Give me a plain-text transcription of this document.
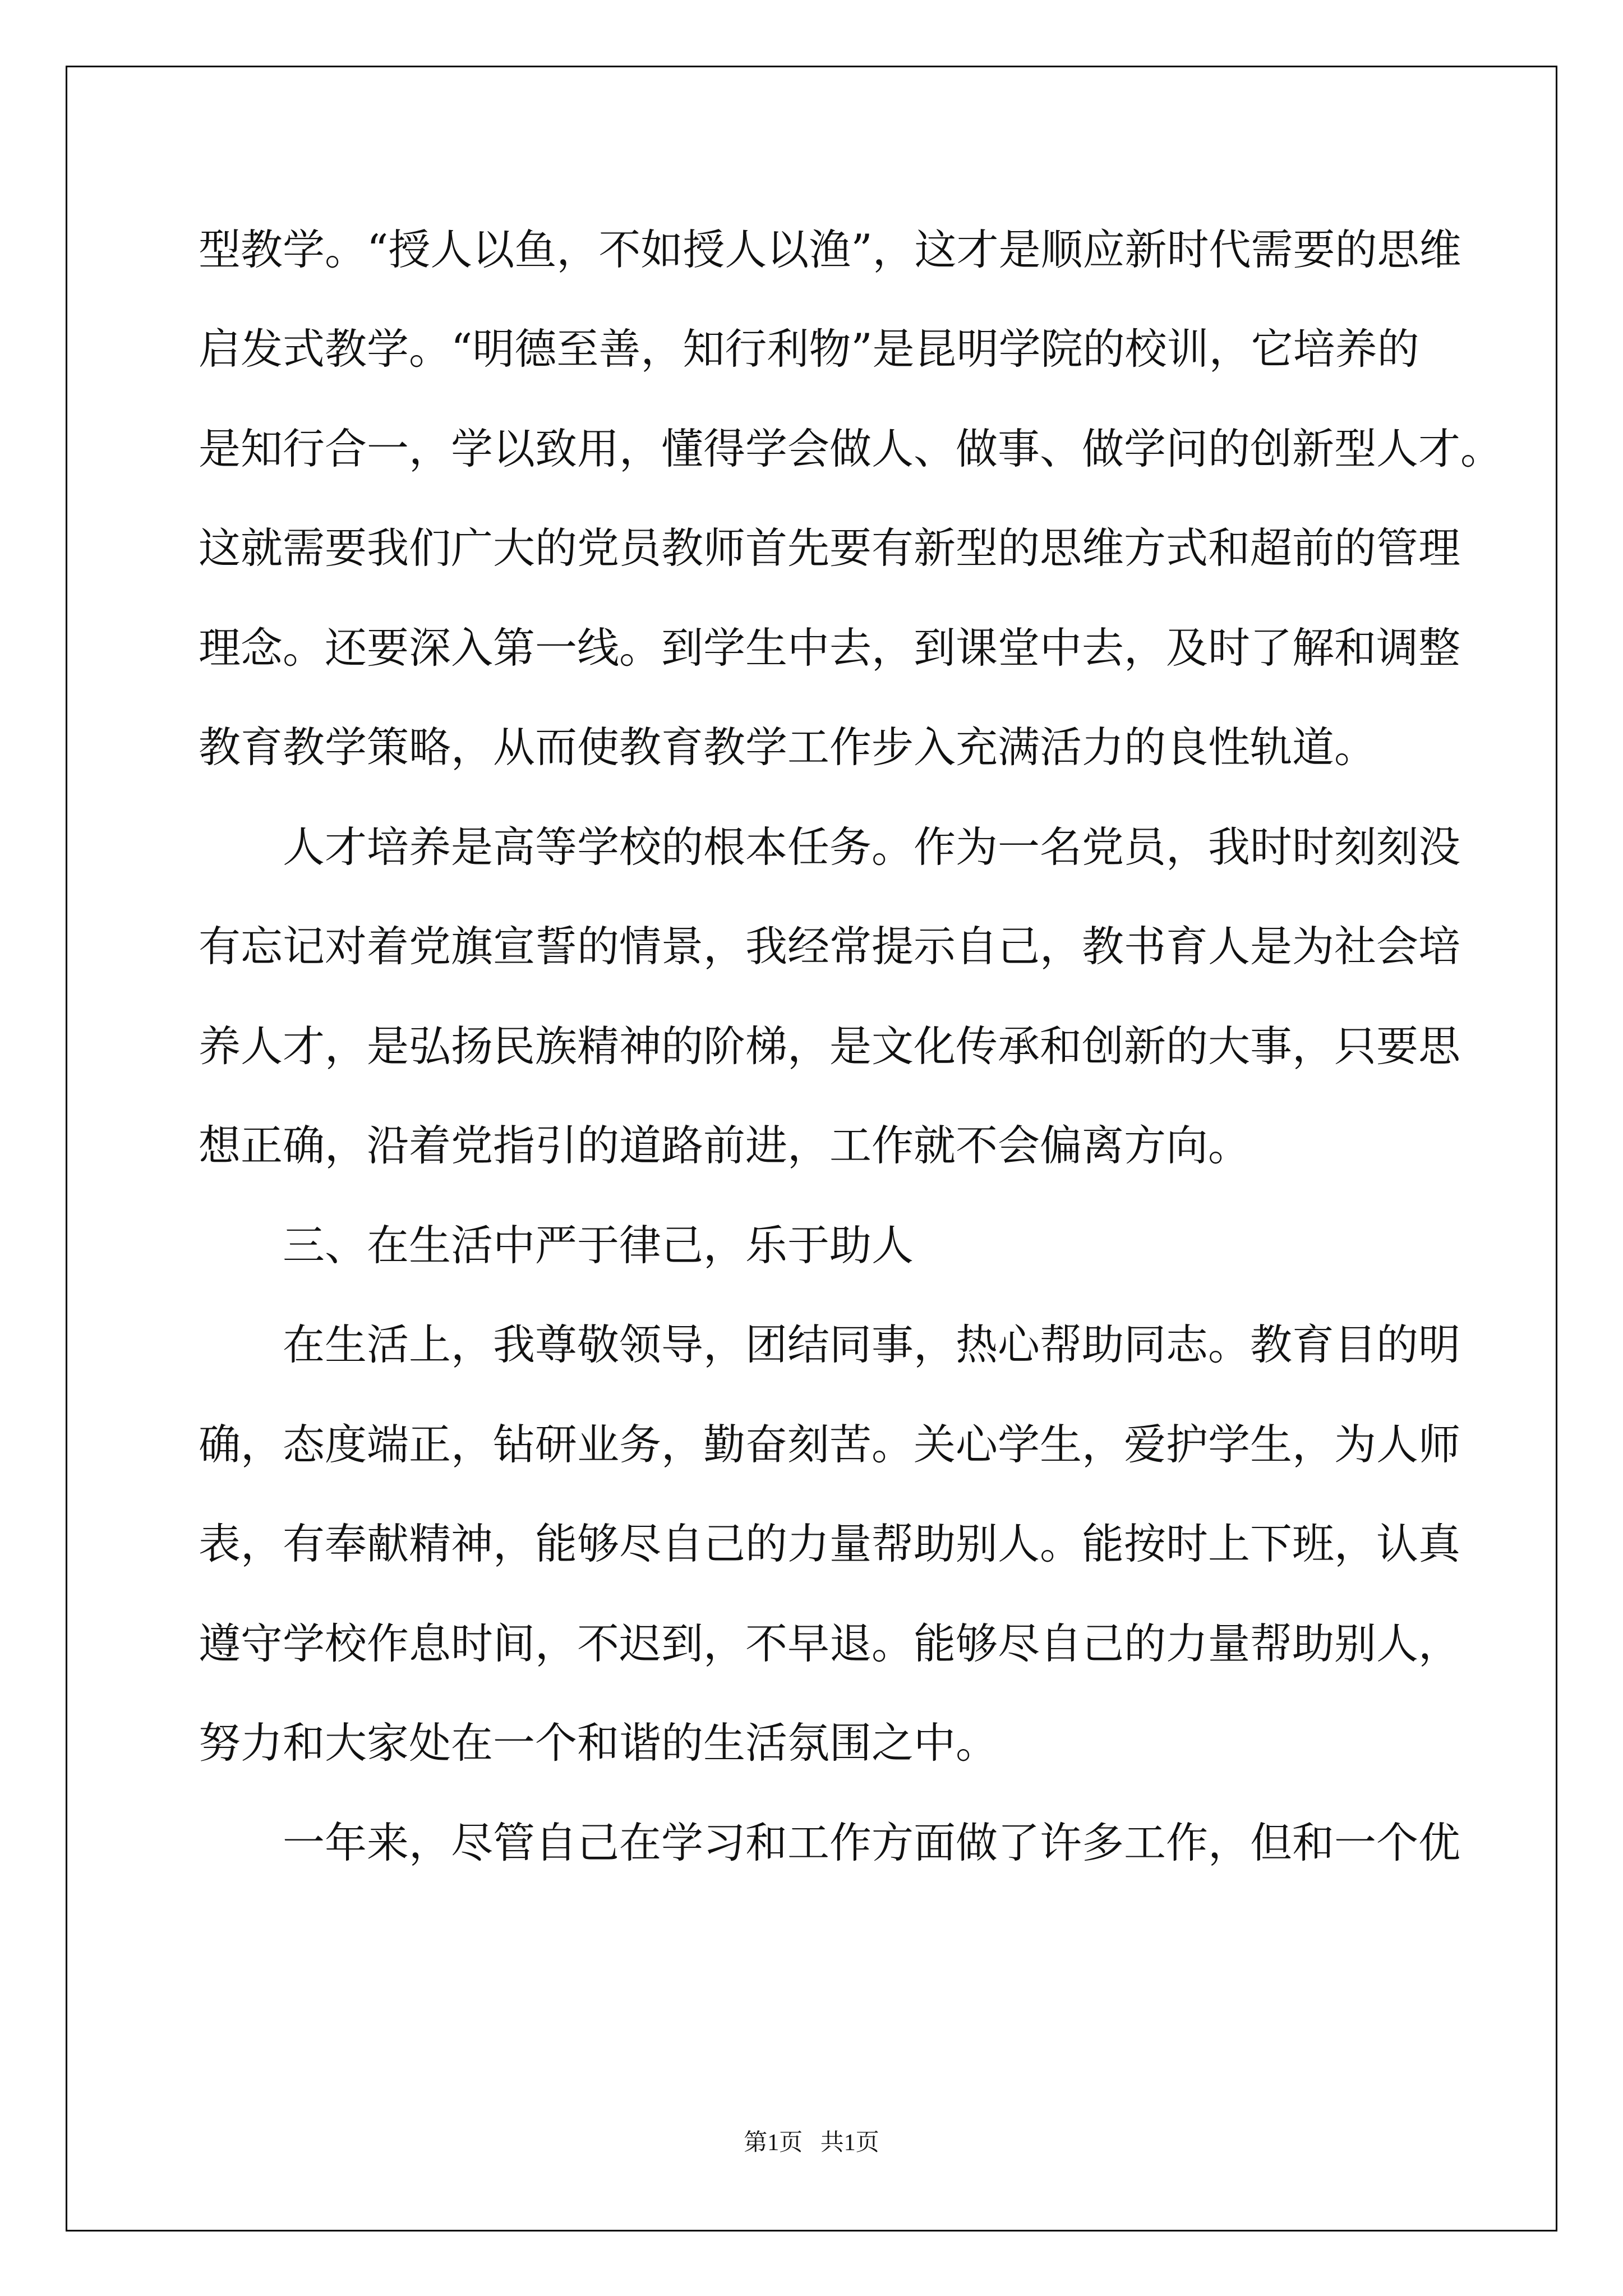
型教学。“授人以鱼，不如授人以渔”，这才是顺应新时代需要的思维

启发式教学。“明德至善，知行利物”是昆明学院的校训，它培养的

是知行合一，学以致用，懂得学会做人、做事、做学问的创新型人才。

这就需要我们广大的党员教师首先要有新型的思维方式和超前的管理

理念。还要深入第一线。到学生中去，到课堂中去，及时了解和调整

教育教学策略，从而使教育教学工作步入充满活力的良性轨道。

　　人才培养是高等学校的根本任务。作为一名党员，我时时刻刻没

有忘记对着党旗宣誓的情景，我经常提示自己，教书育人是为社会培

养人才，是弘扬民族精神的阶梯，是文化传承和创新的大事，只要思

想正确，沿着党指引的道路前进，工作就不会偏离方向。

　　三、在生活中严于律己，乐于助人

　　在生活上，我尊敬领导，团结同事，热心帮助同志。教育目的明

确，态度端正，钻研业务，勤奋刻苦。关心学生，爱护学生，为人师

表，有奉献精神，能够尽自己的力量帮助别人。能按时上下班，认真

遵守学校作息时间，不迟到，不早退。能够尽自己的力量帮助别人，

努力和大家处在一个和谐的生活氛围之中。

　　一年来，尽管自己在学习和工作方面做了许多工作，但和一个优

第1页   共1页
